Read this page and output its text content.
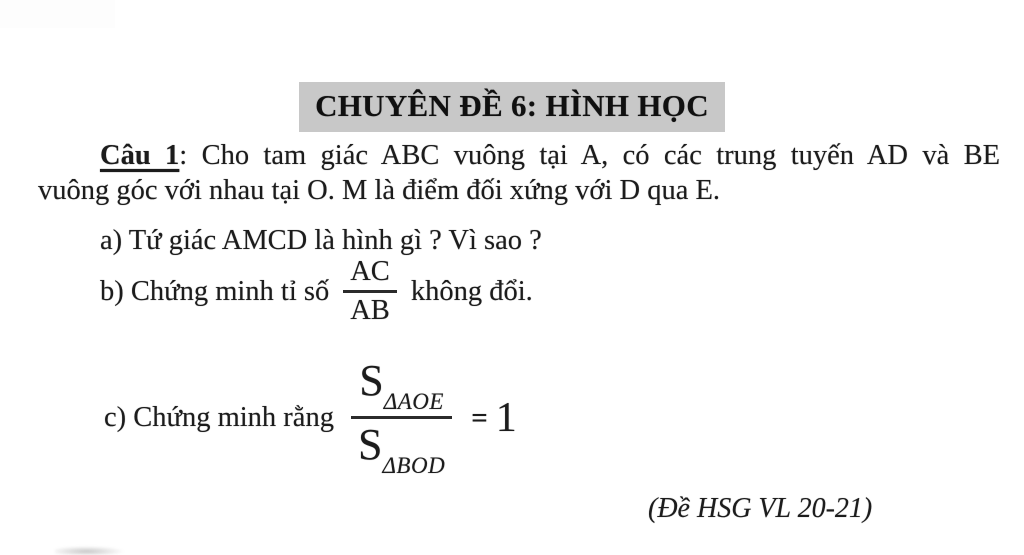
CHUYÊN ĐỀ 6: HÌNH HỌC
Câu 1: Cho tam giác ABC vuông tại A, có các trung tuyến AD và BE
vuông góc với nhau tại O. M là điểm đối xứng với D qua E.
a) Tứ giác AMCD là hình gì ? Vì sao ?
b) Chứng minh tỉ số $\frac{AC}{AB}$ không đổi.
c) Chứng minh rằng $\frac{S_{\Delta AOE}}{S_{\Delta BOD}} = 1$
(Đề HSG VL 20-21)
